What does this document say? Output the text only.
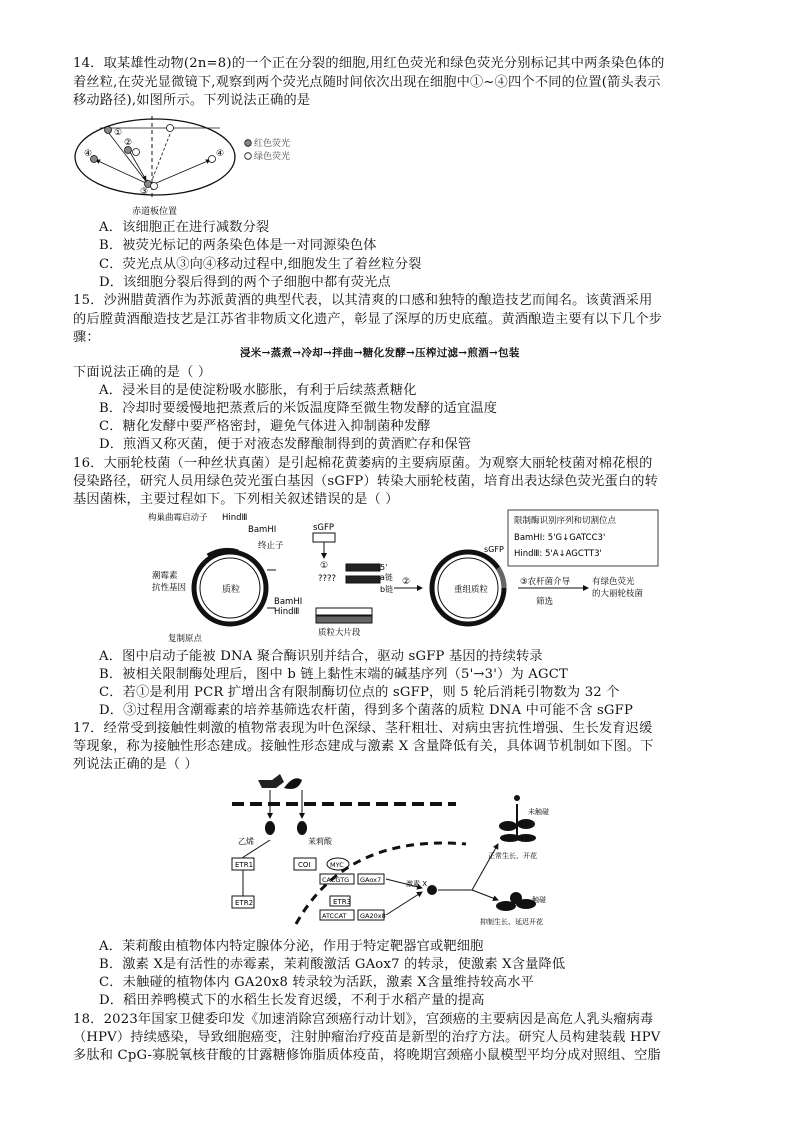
14．取某雄性动物(2n=8)的一个正在分裂的细胞,用红色荧光和绿色荧光分别标记其中两条染色体的
着丝粒,在荧光显微镜下,观察到两个荧光点随时间依次出现在细胞中①~④四个不同的位置(箭头表示
移动路径),如图所示。下列说法正确的是
①
②
③
④	④
红色荧光
绿色荧光
赤道板位置
A．该细胞正在进行减数分裂
B．被荧光标记的两条染色体是一对同源染色体
C．荧光点从③向④移动过程中,细胞发生了着丝粒分裂
D．该细胞分裂后得到的两个子细胞中都有荧光点
15．沙洲腊黄酒作为苏派黄酒的典型代表，以其清爽的口感和独特的酿造技艺而闻名。该黄酒采用
的后膛黄酒酿造技艺是江苏省非物质文化遗产，彰显了深厚的历史底蕴。黄酒酿造主要有以下几个步
骤：
浸米→蒸煮→冷却→拌曲→糖化发酵→压榨过滤→煎酒→包装
下面说法正确的是（ ）
A．浸米目的是使淀粉吸水膨胀，有利于后续蒸煮糖化
B．冷却时要缓慢地把蒸煮后的米饭温度降至微生物发酵的适宜温度
C．糖化发酵中要严格密封，避免气体进入抑制菌种发酵
D．煎酒又称灭菌，便于对液态发酵酿制得到的黄酒贮存和保管
16．大丽轮枝菌（一种丝状真菌）是引起棉花黄萎病的主要病原菌。为观察大丽轮枝菌对棉花根的
侵染路径，研究人员用绿色荧光蛋白基因（sGFP）转染大丽轮枝菌，培育出表达绿色荧光蛋白的转
基因菌株，主要过程如下。下列相关叙述错误的是（ ）
构巢曲霉启动子 HindⅢ
BamHⅠ
终止子
潮霉素
抗性基因	质粒
复制原点
BamHⅠ
HindⅢ
sGFP
①
????
5'
a链
b链
质粒大片段
②
重组质粒
sGFP
③农杆菌介导
筛选
有绿色荧光
的大丽轮枝菌
限制酶识别序列和切割位点
BamHⅠ: 5'G↓GATCC3'
HindⅢ: 5'A↓AGCTT3'
A．图中启动子能被 DNA 聚合酶识别并结合，驱动 sGFP 基因的持续转录
B．被相关限制酶处理后，图中 b 链上黏性末端的碱基序列（5'→3'）为 AGCT
C．若①是利用 PCR 扩增出含有限制酶切位点的 sGFP，则 5 轮后消耗引物数为 32 个
D．③过程用含潮霉素的培养基筛选农杆菌，得到多个菌落的质粒 DNA 中可能不含 sGFP
17．经常受到接触性刺激的植物常表现为叶色深绿、茎秆粗壮、对病虫害抗性增强、生长发育迟缓
等现象，称为接触性形态建成。接触性形态建成与激素 X 含量降低有关，具体调节机制如下图。下
列说法正确的是（ ）
乙烯	茉莉酸
ETR1
ETR2	ETR3
COI	MYC
CACGTG
ATCCAT
GAox7
GA20x8
激素 X
未触碰
正常生长、开花
触碰
抑制生长、延迟开花
A．茉莉酸由植物体内特定腺体分泌，作用于特定靶器官或靶细胞
B．激素 X是有活性的赤霉素，茉莉酸激活 GAox7 的转录，使激素 X含量降低
C．未触碰的植物体内 GA20x8 转录较为活跃，激素 X含量维持较高水平
D．稻田养鸭模式下的水稻生长发育迟缓，不利于水稻产量的提高
18．2023年国家卫健委印发《加速消除宫颈癌行动计划》，宫颈癌的主要病因是高危人乳头瘤病毒
（HPV）持续感染，导致细胞癌变，注射肿瘤治疗疫苗是新型的治疗方法。研究人员构建装载 HPV
多肽和 CpG-寡脱氧核苷酸的甘露糖修饰脂质体疫苗，将晚期宫颈癌小鼠模型平均分成对照组、空脂
